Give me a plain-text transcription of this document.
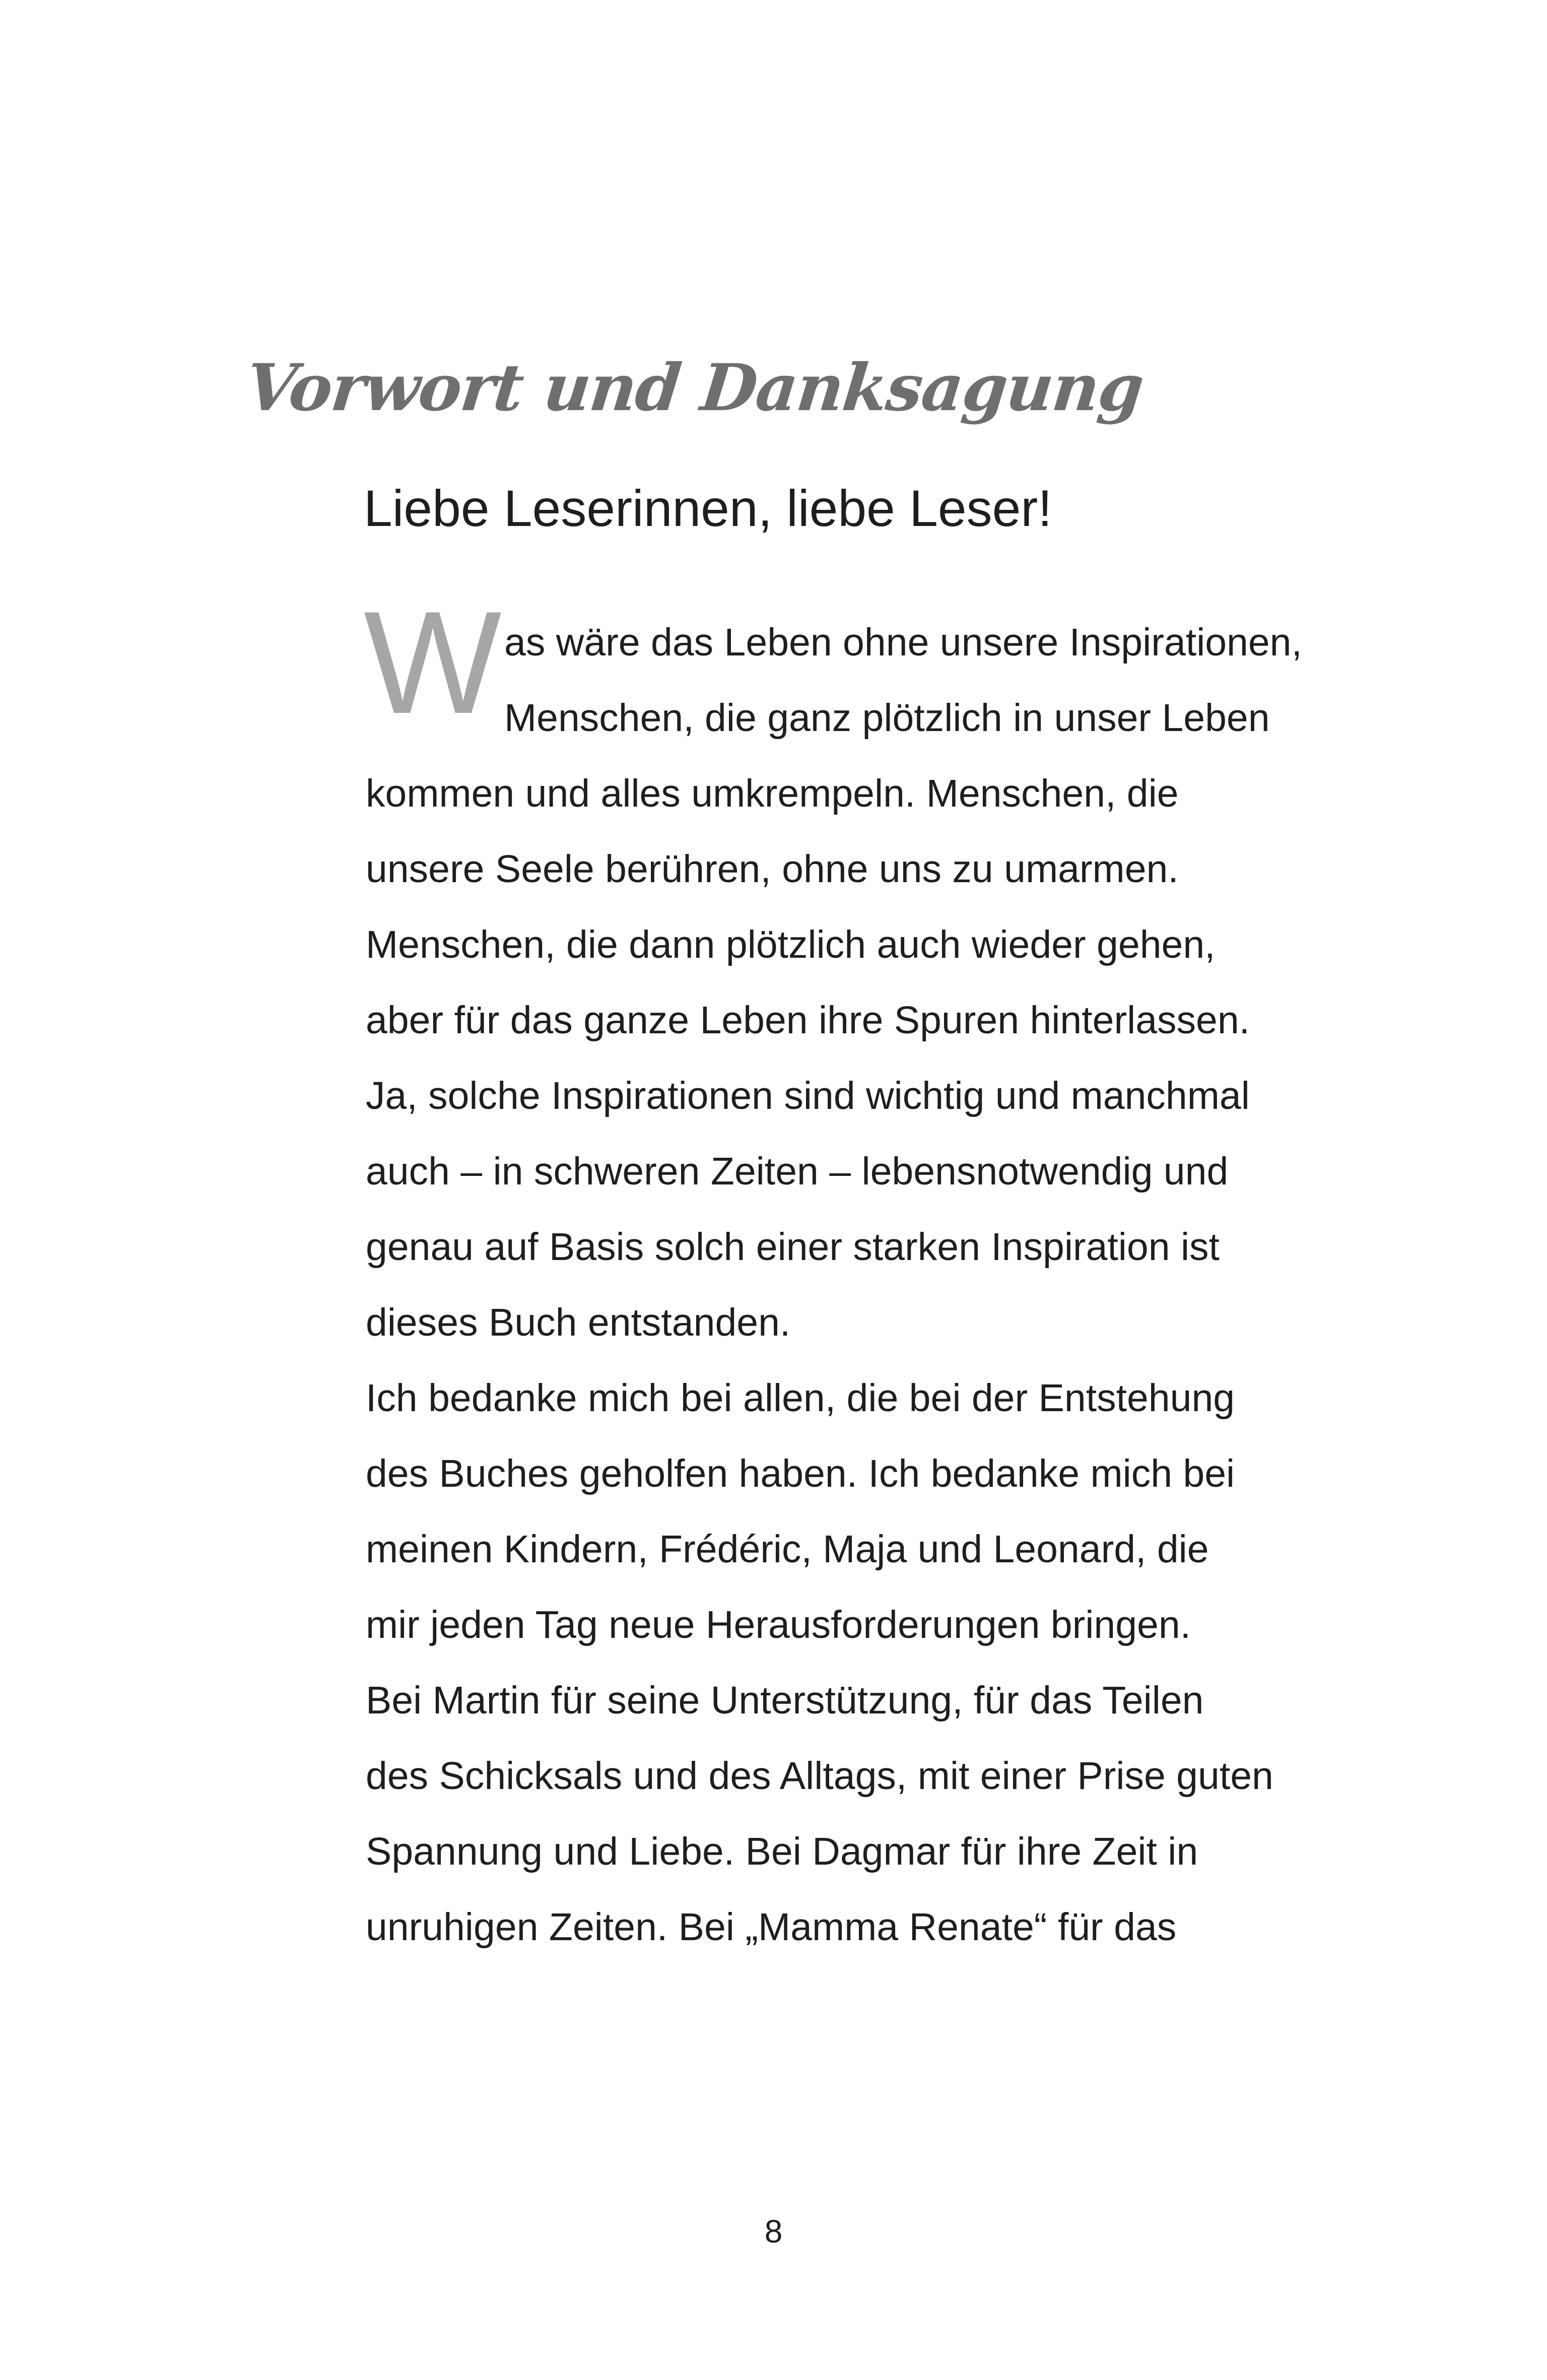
Vorwort und Danksagung
Liebe Leserinnen, liebe Leser!
W as wäre das Leben ohne unsere Inspirationen,
Menschen, die ganz plötzlich in unser Leben
kommen und alles umkrempeln. Menschen, die
unsere Seele berühren, ohne uns zu umarmen.
Menschen, die dann plötzlich auch wieder gehen,
aber für das ganze Leben ihre Spuren hinterlassen.
Ja, solche Inspirationen sind wichtig und manchmal
auch – in schweren Zeiten – lebensnotwendig und
genau auf Basis solch einer starken Inspiration ist
dieses Buch entstanden.
Ich bedanke mich bei allen, die bei der Entstehung
des Buches geholfen haben. Ich bedanke mich bei
meinen Kindern, Frédéric, Maja und Leonard, die
mir jeden Tag neue Herausforderungen bringen.
Bei Martin für seine Unterstützung, für das Teilen
des Schicksals und des Alltags, mit einer Prise guten
Spannung und Liebe. Bei Dagmar für ihre Zeit in
unruhigen Zeiten. Bei „Mamma Renate“ für das
8
